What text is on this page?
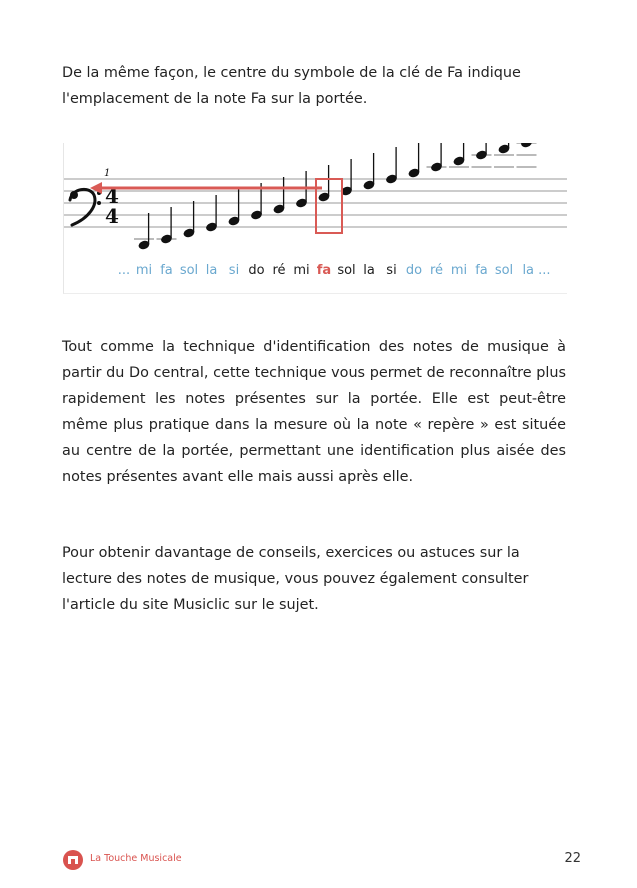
De la même façon, le centre du symbole de la clé de Fa indique l'emplacement de la note Fa sur la portée.

1
4
4
... mi fa sol la si do ré mi fa sol la si do ré mi fa sol la ...

Tout comme la technique d'identification des notes de musique à partir du Do central, cette technique vous permet de reconnaître plus rapidement les notes présentes sur la portée. Elle est peut-être même plus pratique dans la mesure où la note « repère » est située au centre de la portée, permettant une identification plus aisée des notes présentes avant elle mais aussi après elle.

Pour obtenir davantage de conseils, exercices ou astuces sur la lecture des notes de musique, vous pouvez également consulter l'article du site Musiclic sur le sujet.

La Touche Musicale	22
